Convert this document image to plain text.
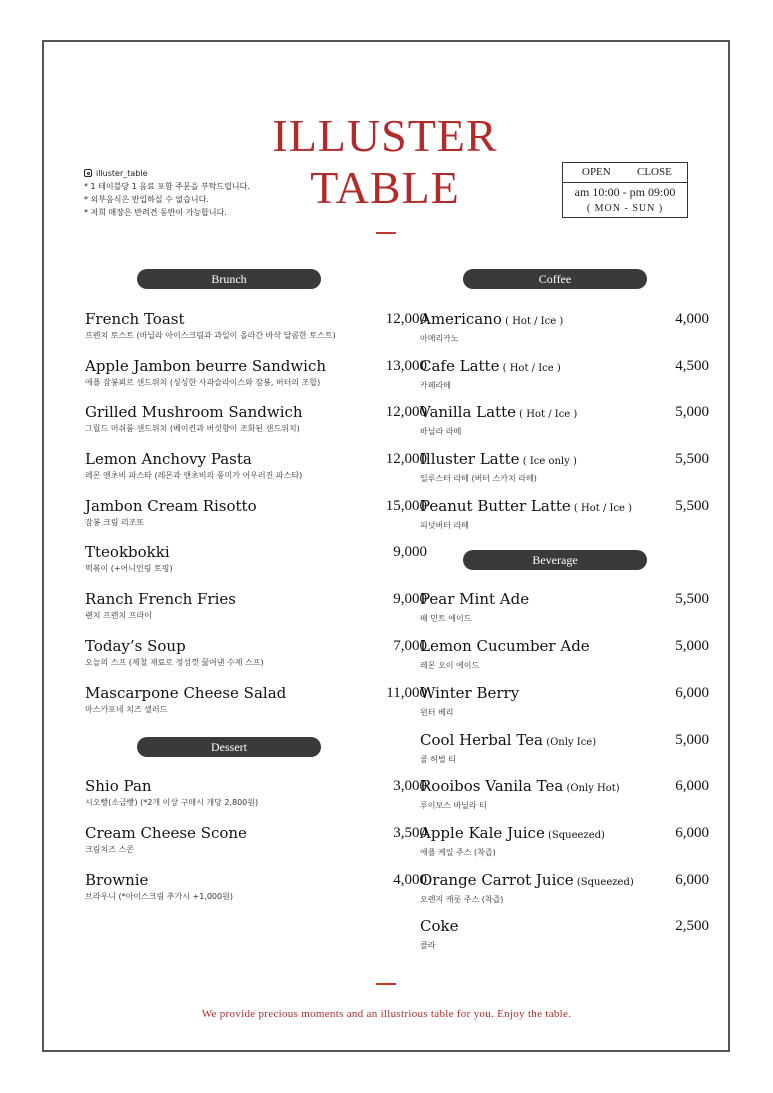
ILLUSTER
TABLE
illuster_table
* 1 테이블당 1 음료 포함 주문을 부탁드립니다.
* 외부음식은 반입하실 수 없습니다.
* 저희 매장은 반려견 동반이 가능합니다.
OPEN CLOSE
am 10:00 - pm 09:00
( MON - SUN )
Brunch	Coffee
Beverage
Dessert
French Toast
프렌치 토스트 (바닐라 아이스크림과 과일이 올라간 바삭 달콤한 토스트)
12,000
Apple Jambon beurre Sandwich
애플 잠봉뵈르 샌드위치 (싱싱한 사과슬라이스와 잠봉, 버터의 조합)
13,000
Grilled Mushroom Sandwich
그릴드 머쉬룸 샌드위치 (베이컨과 버섯향이 조화된 샌드위치)
12,000
Lemon Anchovy Pasta
레몬 앤초비 파스타 (레몬과 앤초비의 풍미가 어우러진 파스타)
12,000
Jambon Cream Risotto
잠봉 크림 리조또
15,000
Tteokbokki
떡볶이 (+어니언링 토핑)
9,000
Ranch French Fries
랜치 프렌치 프라이
9,000
Today’s Soup
오늘의 스프 (제철 재료로 정성껏 끓여낸 수제 스프)
7,000
Mascarpone Cheese Salad
마스카포네 치즈 샐러드
11,000
Shio Pan
시오빵(소금빵) (*2개 이상 구매시 개당 2,800원)
3,000
Cream Cheese Scone
크림치즈 스콘
3,500
Brownie
브라우니 (*아이스크림 추가시 +1,000원)
4,000
Americano ( Hot / Ice )
아메리카노
4,000
Cafe Latte ( Hot / Ice )
카페라떼
4,500
Vanilla Latte ( Hot / Ice )
바닐라 라떼
5,000
Illuster Latte ( Ice only )
일루스터 라떼 (버터 스카치 라떼)
5,500
Peanut Butter Latte ( Hot / Ice )
피넛버터 라떼
5,500
Pear Mint Ade
배 민트 에이드
5,500
Lemon Cucumber Ade
레몬 오이 에이드
5,000
Winter Berry
윈터 베리
6,000
Cool Herbal Tea (Only Ice)
쿨 허벌 티
5,000
Rooibos Vanila Tea (Only Hot)
루이보스 바닐라 티
6,000
Apple Kale Juice (Squeezed)
애플 케일 주스 (착즙)
6,000
Orange Carrot Juice (Squeezed)
오렌지 캐롯 주스 (착즙)
6,000
Coke
콜라
2,500
We provide precious moments and an illustrious table for you. Enjoy the table.
